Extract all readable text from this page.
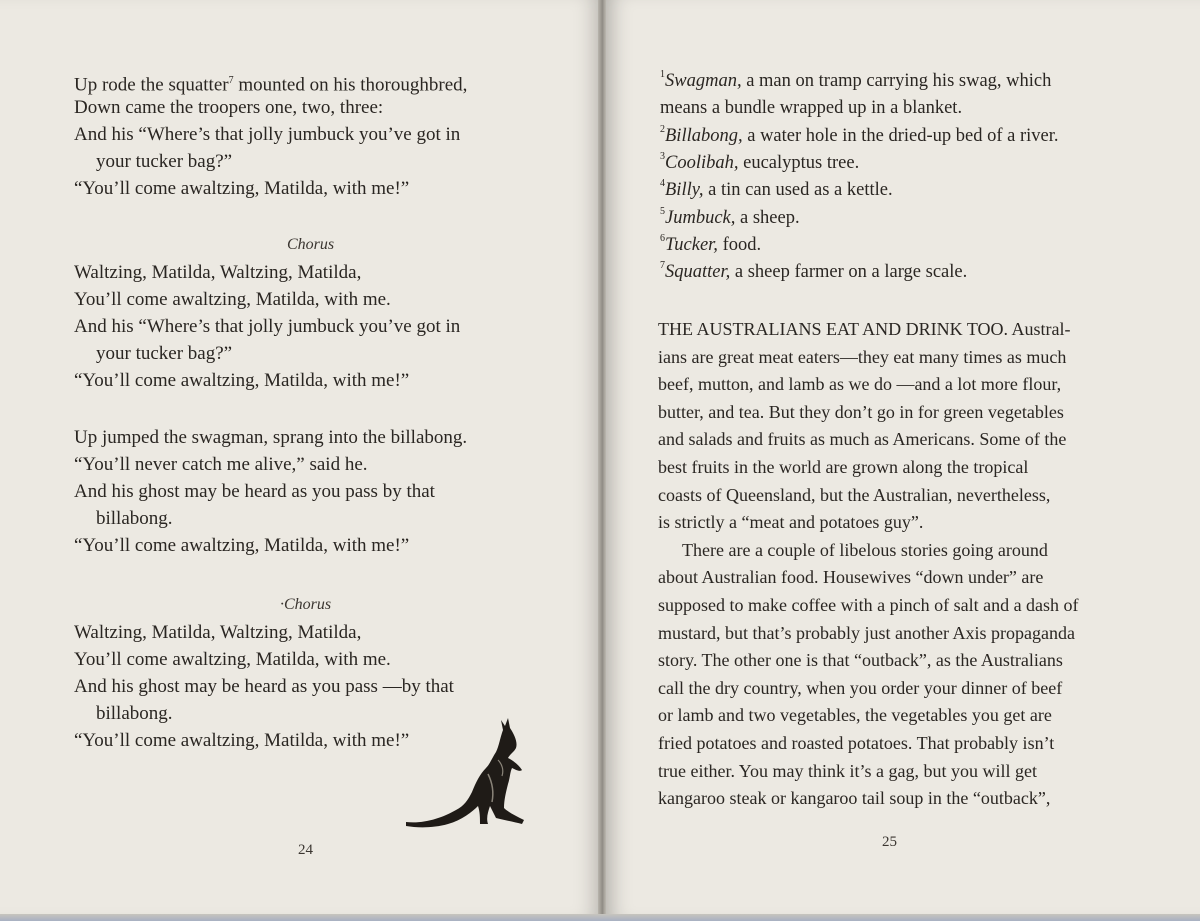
Up rode the squatter$^7$ mounted on his thoroughbred,
Down came the troopers one, two, three:
And his “Where’s that jolly jumbuck you’ve got in
your tucker bag?”
“You’ll come awaltzing, Matilda, with me!”
Chorus
Waltzing, Matilda, Waltzing, Matilda,
You’ll come awaltzing, Matilda, with me.
And his “Where’s that jolly jumbuck you’ve got in
your tucker bag?”
“You’ll come awaltzing, Matilda, with me!”
Up jumped the swagman, sprang into the billabong.
“You’ll never catch me alive,” said he.
And his ghost may be heard as you pass by that
billabong.
“You’ll come awaltzing, Matilda, with me!”
·Chorus
Waltzing, Matilda, Waltzing, Matilda,
You’ll come awaltzing, Matilda, with me.
And his ghost may be heard as you pass —by that
billabong.
“You’ll come awaltzing, Matilda, with me!”
24
$^1$Swagman, a man on tramp carrying his swag, which
means a bundle wrapped up in a blanket.
$^2$Billabong, a water hole in the dried-up bed of a river.
$^3$Coolibah, eucalyptus tree.
$^4$Billy, a tin can used as a kettle.
$^5$Jumbuck, a sheep.
$^6$Tucker, food.
$^7$Squatter, a sheep farmer on a large scale.
THE AUSTRALIANS EAT AND DRINK TOO. Austral-
ians are great meat eaters—they eat many times as much
beef, mutton, and lamb as we do —and a lot more flour,
butter, and tea. But they don’t go in for green vegetables
and salads and fruits as much as Americans. Some of the
best fruits in the world are grown along the tropical
coasts of Queensland, but the Australian, nevertheless,
is strictly a “meat and potatoes guy”.
There are a couple of libelous stories going around
about Australian food. Housewives “down under” are
supposed to make coffee with a pinch of salt and a dash of
mustard, but that’s probably just another Axis propaganda
story. The other one is that “outback”, as the Australians
call the dry country, when you order your dinner of beef
or lamb and two vegetables, the vegetables you get are
fried potatoes and roasted potatoes. That probably isn’t
true either. You may think it’s a gag, but you will get
kangaroo steak or kangaroo tail soup in the “outback”,
25
